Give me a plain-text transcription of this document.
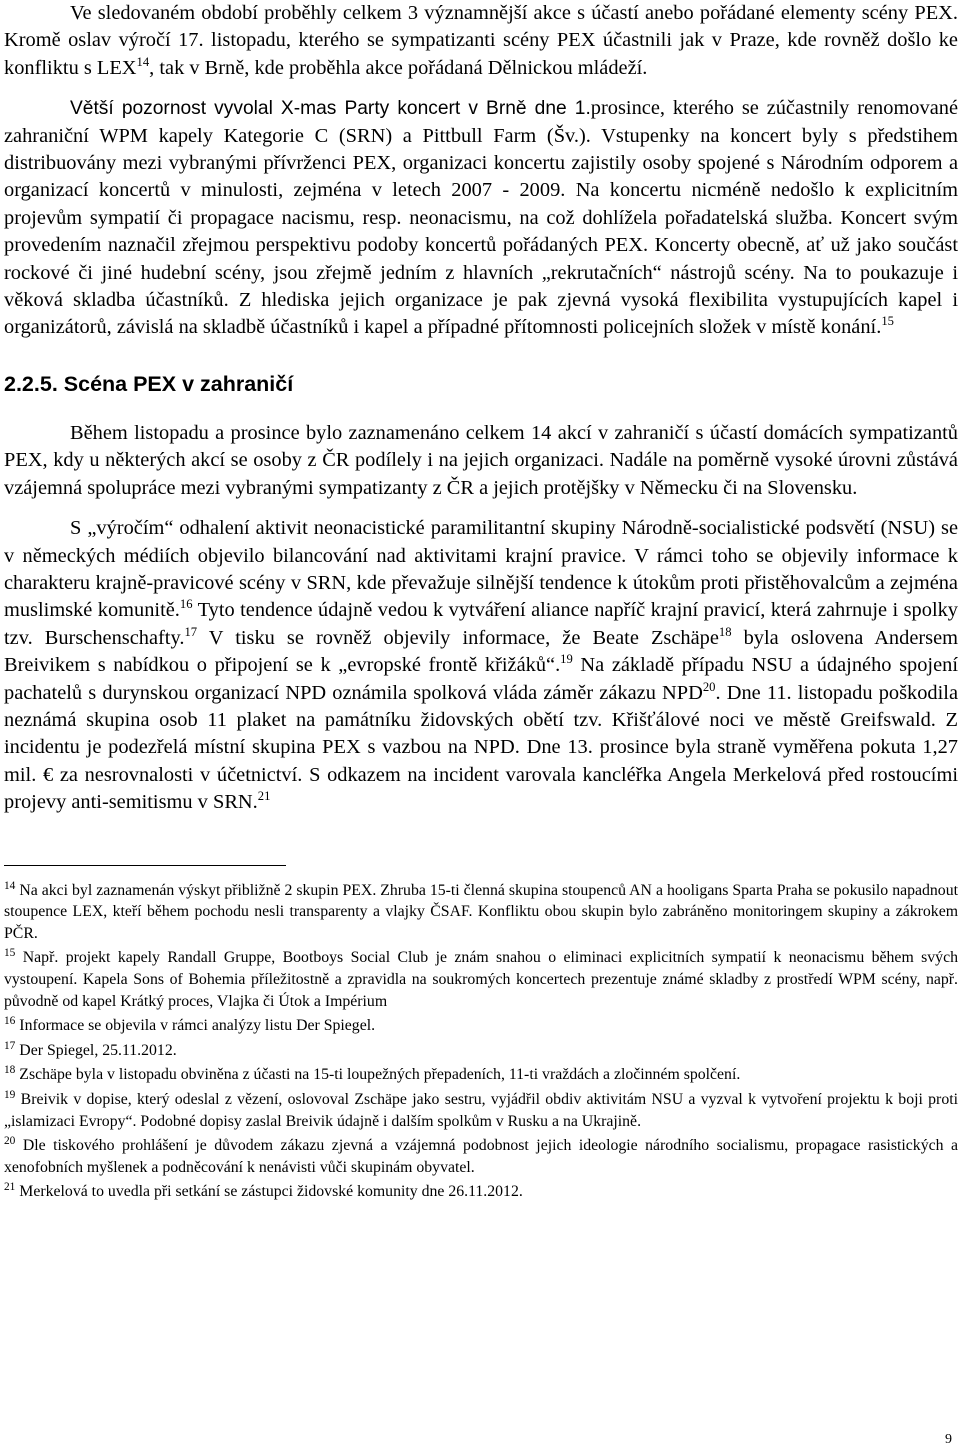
Ve sledovaném období proběhly celkem 3 významnější akce s účastí anebo pořádané elementy scény PEX. Kromě oslav výročí 17. listopadu, kterého se sympatizanti scény PEX účastnili jak v Praze, kde rovněž došlo ke konfliktu s LEX$^{14}$, tak v Brně, kde proběhla akce pořádaná Dělnickou mládeží.

Větší pozornost vyvolal X-mas Party koncert v Brně dne 1.prosince, kterého se zúčastnily renomované zahraniční WPM kapely Kategorie C (SRN) a Pittbull Farm (Šv.). Vstupenky na koncert byly s předstihem distribuovány mezi vybranými přívrženci PEX, organizaci koncertu zajistily osoby spojené s Národním odporem a organizací koncertů v minulosti, zejména v letech 2007 - 2009. Na koncertu nicméně nedošlo k explicitním projevům sympatií či propagace nacismu, resp. neonacismu, na což dohlížela pořadatelská služba. Koncert svým provedením naznačil zřejmou perspektivu podoby koncertů pořádaných PEX. Koncerty obecně, ať už jako součást rockové či jiné hudební scény, jsou zřejmě jedním z hlavních „rekrutačních“ nástrojů scény. Na to poukazuje i věková skladba účastníků. Z hlediska jejich organizace je pak zjevná vysoká flexibilita vystupujících kapel i organizátorů, závislá na skladbě účastníků i kapel a případné přítomnosti policejních složek v místě konání.$^{15}$

2.2.5. Scéna PEX v zahraničí

Během listopadu a prosince bylo zaznamenáno celkem 14 akcí v zahraničí s účastí domácích sympatizantů PEX, kdy u některých akcí se osoby z ČR podílely i na jejich organizaci. Nadále na poměrně vysoké úrovni zůstává vzájemná spolupráce mezi vybranými sympatizanty z ČR a jejich protějšky v Německu či na Slovensku.

S „výročím“ odhalení aktivit neonacistické paramilitantní skupiny Národně-socialistické podsvětí (NSU) se v německých médiích objevilo bilancování nad aktivitami krajní pravice. V rámci toho se objevily informace k charakteru krajně-pravicové scény v SRN, kde převažuje silnější tendence k útokům proti přistěhovalcům a zejména muslimské komunitě.$^{16}$ Tyto tendence údajně vedou k vytváření aliance napříč krajní pravicí, která zahrnuje i spolky tzv. Burschenschafty.$^{17}$ V tisku se rovněž objevily informace, že Beate Zschäpe$^{18}$ byla oslovena Andersem Breivikem s nabídkou o připojení se k „evropské frontě křižáků“.$^{19}$ Na základě případu NSU a údajného spojení pachatelů s durynskou organizací NPD oznámila spolková vláda záměr zákazu NPD$^{20}$. Dne 11. listopadu poškodila neznámá skupina osob 11 plaket na památníku židovských obětí tzv. Křišťálové noci ve městě Greifswald. Z incidentu je podezřelá místní skupina PEX s vazbou na NPD. Dne 13. prosince byla straně vyměřena pokuta 1,27 mil. € za nesrovnalosti v účetnictví. S odkazem na incident varovala kancléřka Angela Merkelová před rostoucími projevy anti-semitismu v SRN.$^{21}$

$^{14}$ Na akci byl zaznamenán výskyt přibližně 2 skupin PEX. Zhruba 15-ti členná skupina stoupenců AN a hooligans Sparta Praha se pokusilo napadnout stoupence LEX, kteří během pochodu nesli transparenty a vlajky ČSAF. Konfliktu obou skupin bylo zabráněno monitoringem skupiny a zákrokem PČR.

$^{15}$ Např. projekt kapely Randall Gruppe, Bootboys Social Club je znám snahou o eliminaci explicitních sympatií k neonacismu během svých vystoupení. Kapela Sons of Bohemia příležitostně a zpravidla na soukromých koncertech prezentuje známé skladby z prostředí WPM scény, např. původně od kapel Krátký proces, Vlajka či Útok a Impérium

$^{16}$ Informace se objevila v rámci analýzy listu Der Spiegel.

$^{17}$ Der Spiegel, 25.11.2012.

$^{18}$ Zschäpe byla v listopadu obviněna z účasti na 15-ti loupežných přepadeních, 11-ti vraždách a zločinném spolčení.

$^{19}$ Breivik v dopise, který odeslal z vězení, oslovoval Zschäpe jako sestru, vyjádřil obdiv aktivitám NSU a vyzval k vytvoření projektu k boji proti „islamizaci Evropy“. Podobné dopisy zaslal Breivik údajně i dalším spolkům v Rusku a na Ukrajině.

$^{20}$ Dle tiskového prohlášení je důvodem zákazu zjevná a vzájemná podobnost jejich ideologie národního socialismu, propagace rasistických a xenofobních myšlenek a podněcování k nenávisti vůči skupinám obyvatel.

$^{21}$ Merkelová to uvedla při setkání se zástupci židovské komunity dne 26.11.2012.

9
